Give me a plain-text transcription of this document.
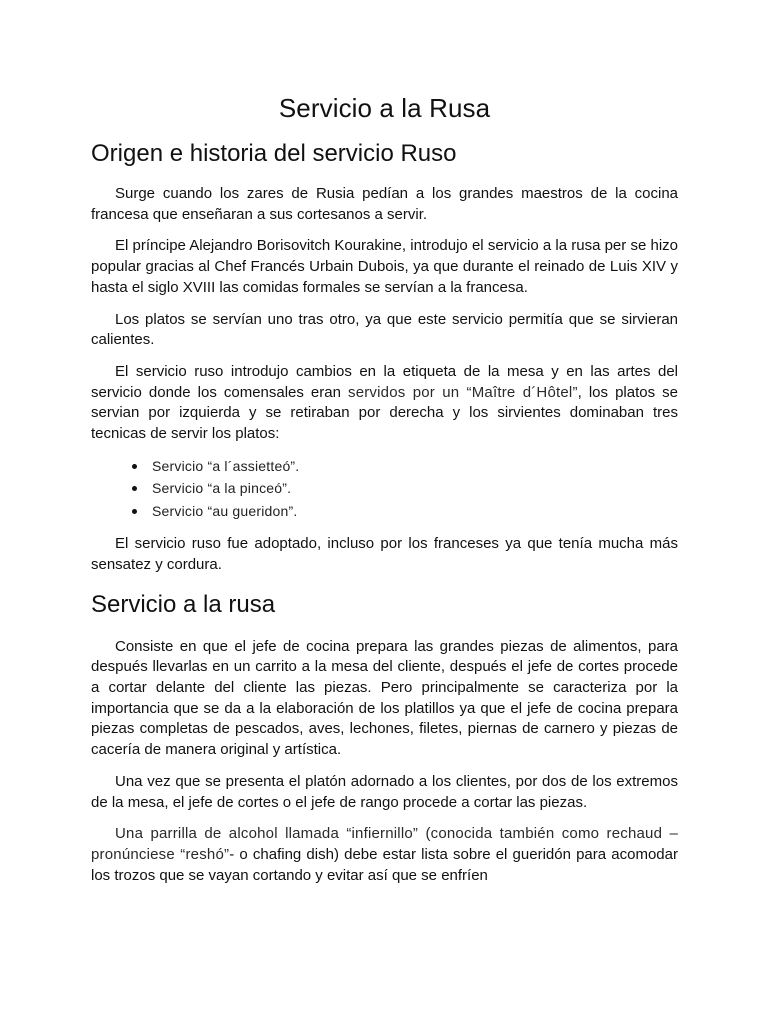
Servicio a la Rusa
Origen e historia del servicio Ruso

Surge cuando los zares de Rusia pedían a los grandes maestros de la cocina francesa que enseñaran a sus cortesanos a servir.

El príncipe Alejandro Borisovitch Kourakine, introdujo el servicio a la rusa per se hizo popular gracias al Chef Francés Urbain Dubois, ya que durante el reinado de Luis XIV y hasta el siglo XVIII las comidas formales se servían a la francesa.

Los platos se servían uno tras otro, ya que este servicio permitía que se sirvieran calientes.

El servicio ruso introdujo cambios en la etiqueta de la mesa y en las artes del servicio donde los comensales eran servidos por un “Maître d´Hôtel”, los platos se servian por izquierda y se retiraban por derecha y los sirvientes dominaban tres tecnicas de servir los platos:

Servicio “a l´assietteó”.
Servicio “a la pinceó”.
Servicio “au gueridon”.

El servicio ruso fue adoptado, incluso por los franceses ya que tenía mucha más sensatez y cordura.

Servicio a la rusa

Consiste en que el jefe de cocina prepara las grandes piezas de alimentos, para después llevarlas en un carrito a la mesa del cliente, después el jefe de cortes procede a cortar delante del cliente las piezas. Pero principalmente se caracteriza por la importancia que se da a la elaboración de los platillos ya que el jefe de cocina prepara piezas completas de pescados, aves, lechones, filetes, piernas de carnero y piezas de cacería de manera original y artística.

Una vez que se presenta el platón adornado a los clientes, por dos de los extremos de la mesa, el jefe de cortes o el jefe de rango procede a cortar las piezas.

Una parrilla de alcohol llamada “infiernillo” (conocida también como rechaud – pronúnciese “reshó”- o chafing dish) debe estar lista sobre el gueridón para acomodar los trozos que se vayan cortando y evitar así que se enfríen
